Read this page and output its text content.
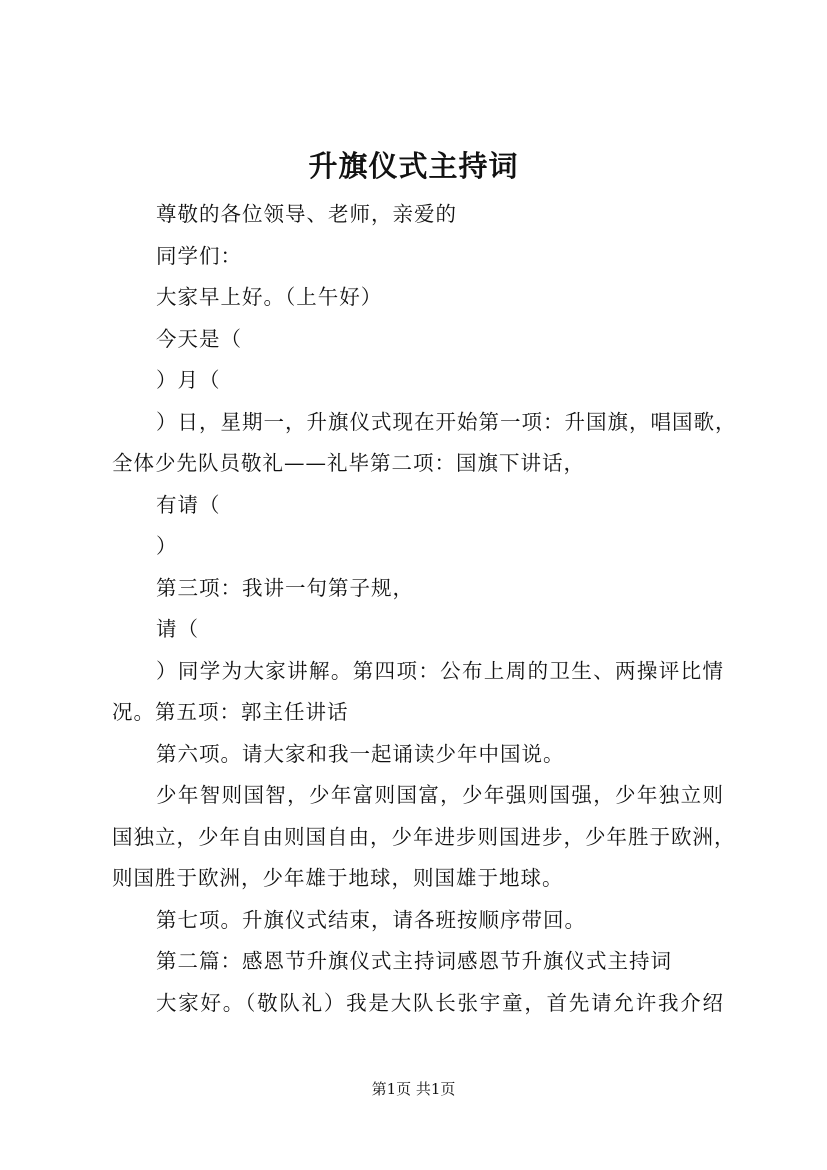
升旗仪式主持词

尊敬的各位领导、老师，亲爱的

同学们：

大家早上好。（上午好）

今天是（

）月（

）日，星期一，升旗仪式现在开始第一项：升国旗，唱国歌，

全体少先队员敬礼——礼毕第二项：国旗下讲话，

有请（

）

第三项：我讲一句第子规，

请（

）同学为大家讲解。第四项：公布上周的卫生、两操评比情

况。第五项：郭主任讲话

第六项。请大家和我一起诵读少年中国说。

少年智则国智，少年富则国富，少年强则国强，少年独立则

国独立，少年自由则国自由，少年进步则国进步，少年胜于欧洲，

则国胜于欧洲，少年雄于地球，则国雄于地球。

第七项。升旗仪式结束，请各班按顺序带回。

第二篇：感恩节升旗仪式主持词感恩节升旗仪式主持词

大家好。（敬队礼）我是大队长张宇童，首先请允许我介绍

第1页 共1页
